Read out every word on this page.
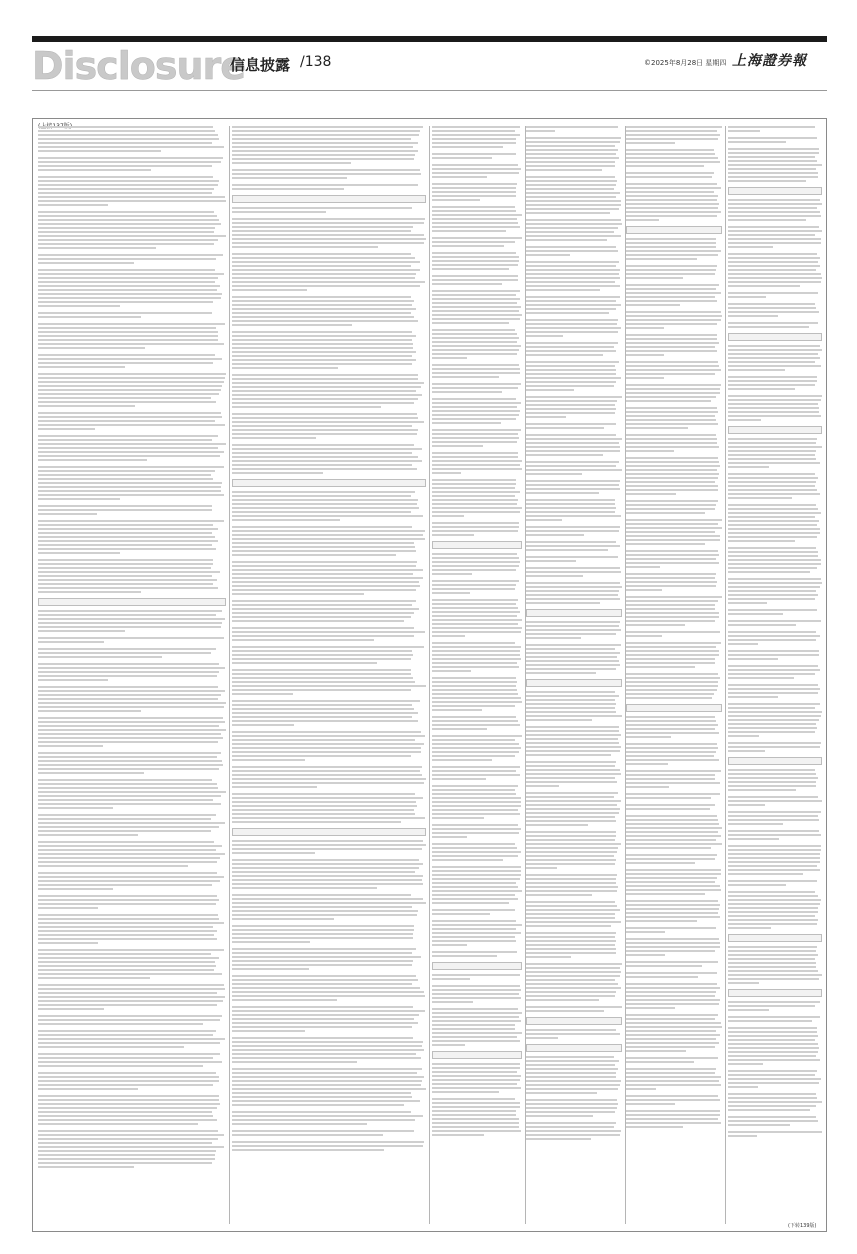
Disclosure
信息披露 /138	©2025年8月28日 星期四 上海證券報
(下转139版)
